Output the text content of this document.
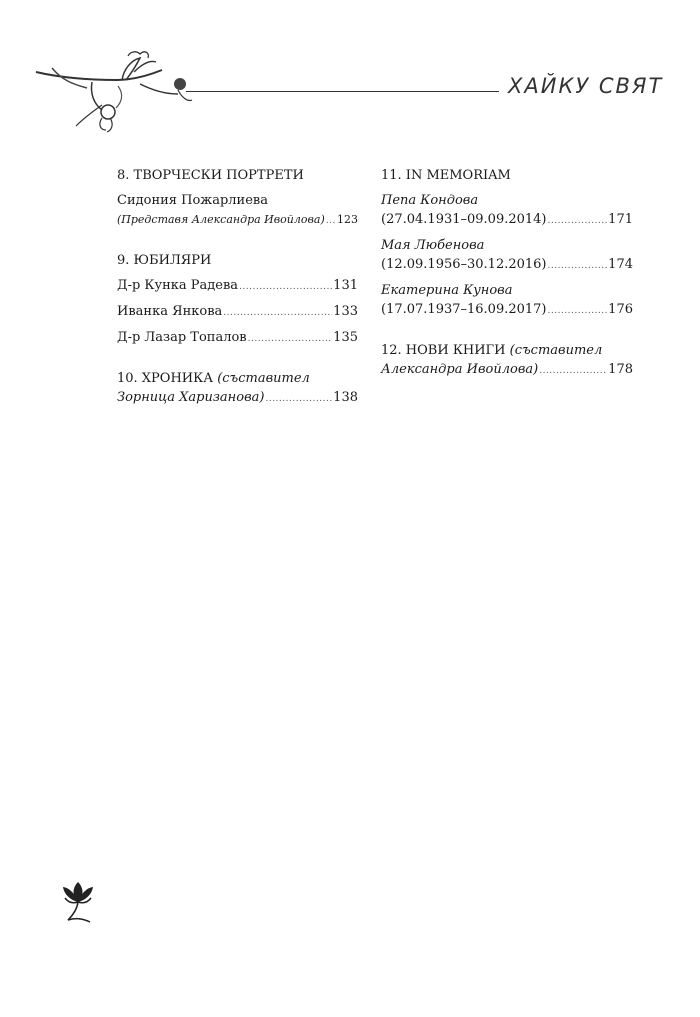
ХАЙКУ СВЯТ
8. ТВОРЧЕСКИ ПОРТРЕТИ
Сидония Пожарлиева
(Представя Александра Ивойлова) ..... 123
9. ЮБИЛЯРИ
Д-р Кунка Радева .....	131
Иванка Янкова .....	133
Д-р Лазар Топалов .....	135
10. ХРОНИКА
(съставител
Зорница Харизанова) .....	138
11. IN MEMORIAM
Пепа Кондова
(27.04.1931–09.09.2014) .....	171
Мая Любенова
(12.09.1956–30.12.2016) .....	174
Екатерина Кунова
(17.07.1937–16.09.2017) .....	176
12. НОВИ КНИГИ
(съставител
Александра Ивойлова) .....	178
